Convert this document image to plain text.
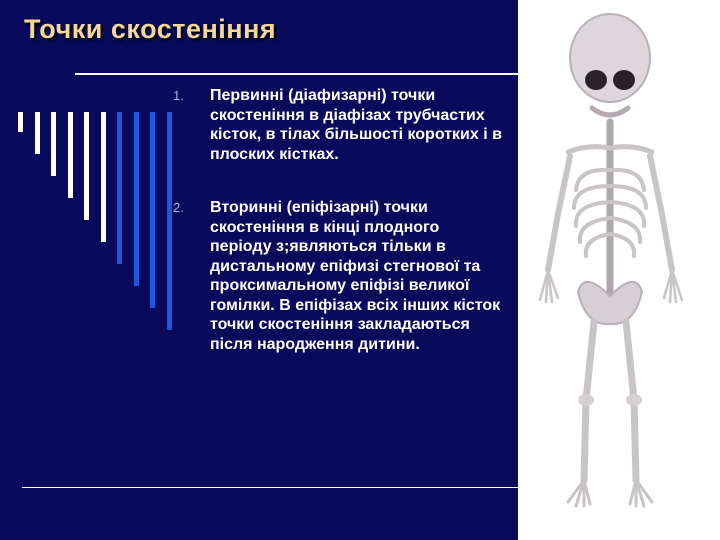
Точки скостеніння
1.	Первинні (діафизарні) точки скостеніння в діафізах трубчастих кісток, в тілах більшості коротких і в плоских кістках.
2.	Вторинні (епіфізарні) точки скостеніння в кінці плодного періоду з;являються тільки в дистальному епіфизі стегнової та проксимальному епіфізі великої гомілки. В епіфізах всіх інших кісток точки скостеніння закладаються після народження дитини.
